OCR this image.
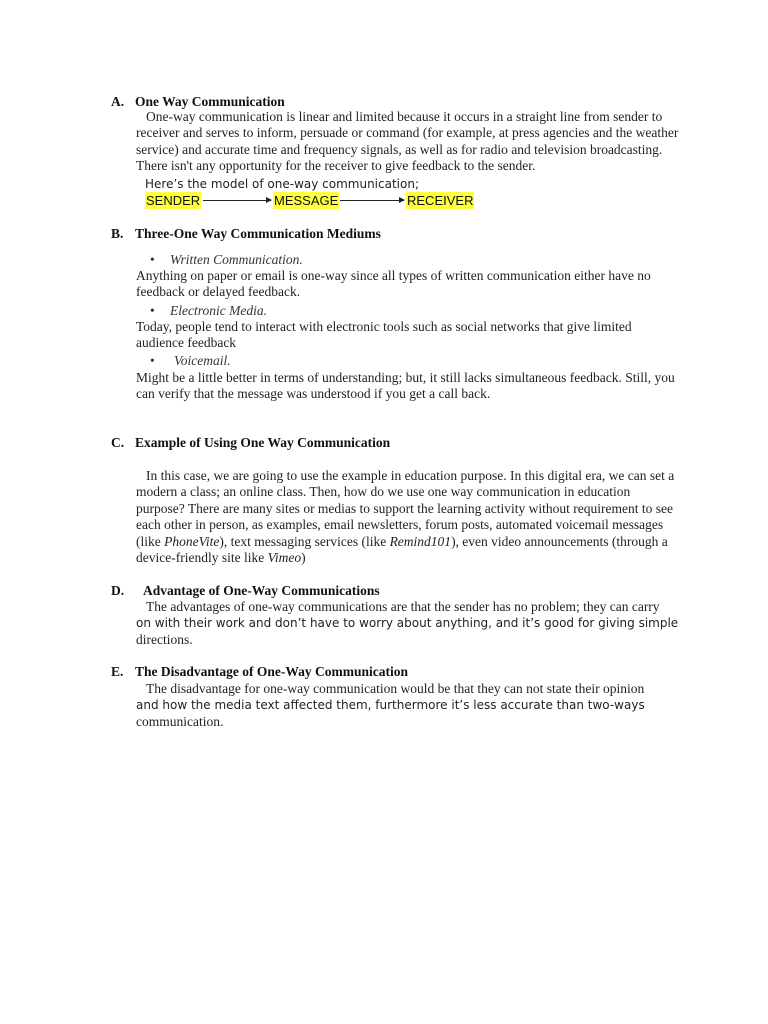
A. One Way Communication
One-way communication is linear and limited because it occurs in a straight line from sender to receiver and serves to inform, persuade or command (for example, at press agencies and the weather service) and accurate time and frequency signals, as well as for radio and television broadcasting. There isn't any opportunity for the receiver to give feedback to the sender.
Here’s the model of one-way communication;
SENDER	MESSAGE	RECEIVER
B. Three-One Way Communication Mediums
• Written Communication.
Anything on paper or email is one-way since all types of written communication either have no feedback or delayed feedback.
• Electronic Media.
Today, people tend to interact with electronic tools such as social networks that give limited audience feedback
• Voicemail.
Might be a little better in terms of understanding; but, it still lacks simultaneous feedback. Still, you can verify that the message was understood if you get a call back.
C. Example of Using One Way Communication
In this case, we are going to use the example in education purpose. In this digital era, we can set a modern a class; an online class. Then, how do we use one way communication in education purpose? There are many sites or medias to support the learning activity without requirement to see each other in person, as examples, email newsletters, forum posts, automated voicemail messages (like PhoneVite), text messaging services (like Remind101), even video announcements (through a device-friendly site like Vimeo)
D. Advantage of One-Way Communications
The advantages of one-way communications are that the sender has no problem; they can carry
on with their work and don’t have to worry about anything, and it’s good for giving simple
directions.
E. The Disadvantage of One-Way Communication
The disadvantage for one-way communication would be that they can not state their opinion
and how the media text affected them, furthermore it’s less accurate than two-ways
communication.
